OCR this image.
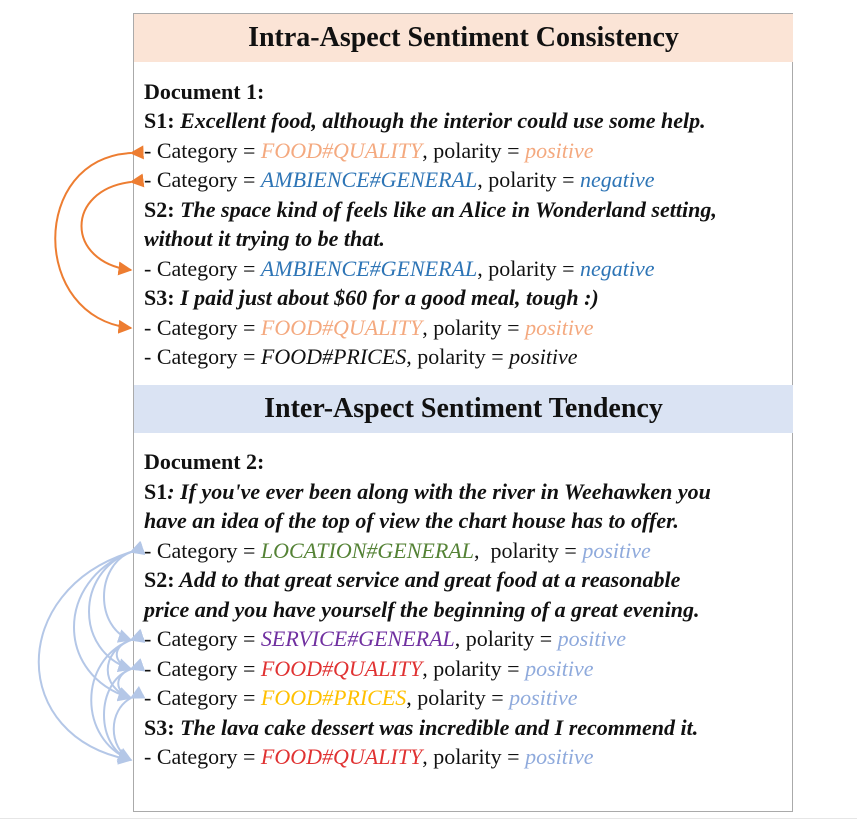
Intra-Aspect Sentiment Consistency
Document 1:
S1: Excellent food, although the interior could use some help.
- Category = FOOD#QUALITY, polarity = positive
- Category = AMBIENCE#GENERAL, polarity = negative
S2: The space kind of feels like an Alice in Wonderland setting,
without it trying to be that.
- Category = AMBIENCE#GENERAL, polarity = negative
S3: I paid just about $60 for a good meal, tough :)
- Category = FOOD#QUALITY, polarity = positive
- Category = FOOD#PRICES, polarity = positive
Inter-Aspect Sentiment Tendency
Document 2:
S1: If you've ever been along with the river in Weehawken you
have an idea of the top of view the chart house has to offer.
- Category = LOCATION#GENERAL,  polarity = positive
S2: Add to that great service and great food at a reasonable
price and you have yourself the beginning of a great evening.
- Category = SERVICE#GENERAL, polarity = positive
- Category = FOOD#QUALITY, polarity = positive
- Category = FOOD#PRICES, polarity = positive
S3: The lava cake dessert was incredible and I recommend it.
- Category = FOOD#QUALITY, polarity = positive
